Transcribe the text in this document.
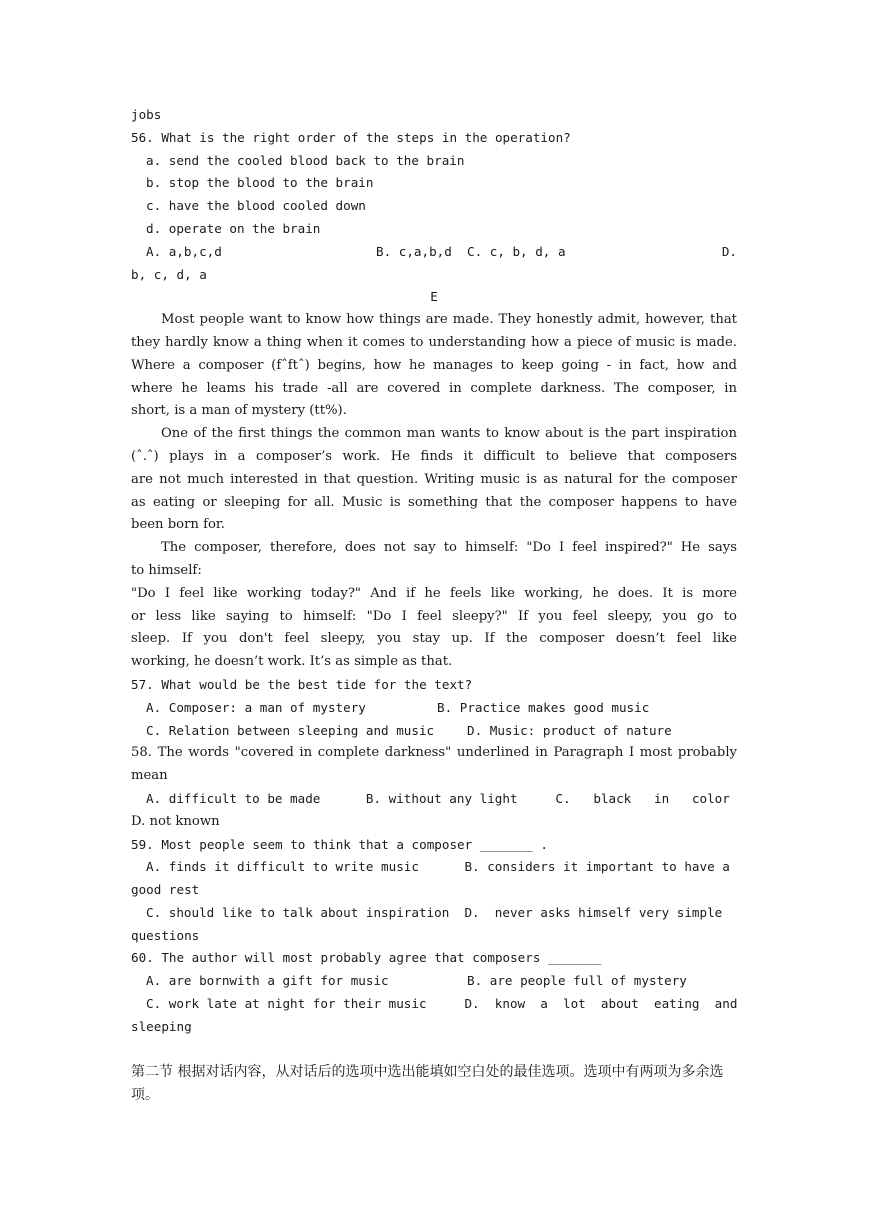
jobs
56. What is the right order of the steps in the operation?
a. send the cooled blood back to the brain
b. stop the blood to the brain
c. have the blood cooled down
d. operate on the brain
A. a,b,c,d	B. c,a,b,d  C. c, b, d, a	D.
b, c, d, a
E
Most people want to know how things are made. They honestly admit, however, that
they hardly know a thing when it comes to understanding how a piece of music is made.
Where a composer (fˆftˆ) begins, how he manages to keep going - in fact, how and
where he leams his trade -all are covered in complete darkness. The composer, in
short, is a man of mystery (tt%).
One of the first things the common man wants to know about is the part inspiration
(ˆ.ˆ) plays in a composer’s work. He finds it difficult to believe that composers
are not much interested in that question. Writing music is as natural for the composer
as eating or sleeping for all. Music is something that the composer happens to have
been born for.
The composer, therefore, does not say to himself: "Do I feel inspired?" He says
to himself:
"Do I feel like working today?" And if he feels like working, he does. It is more
or less like saying to himself: "Do I feel sleepy?" If you feel sleepy, you go to
sleep. If you don't feel sleepy, you stay up. If the composer doesn’t feel like
working, he doesn’t work. It’s as simple as that.
57. What would be the best tide for the text?
A. Composer: a man of mystery	B. Practice makes good music
C. Relation between sleeping and music	D. Music: product of nature
58. The words "covered in complete darkness" underlined in Paragraph I most probably
mean
A. difficult to be made      B. without any light     C.   black   in   color
D. not known
59. Most people seem to think that a composer _______ .
A. finds it difficult to write music      B. considers it important to have a
good rest
C. should like to talk about inspiration  D.  never asks himself very simple
questions
60. The author will most probably agree that composers _______
A. are bornwith a gift for music	B. are people full of mystery
C. work late at night for their music     D.  know  a  lot  about  eating  and
sleeping
第二节 根据对话内容，从对话后的选项中选出能填如空白处的最佳选项。选项中有两项为多余选项。
